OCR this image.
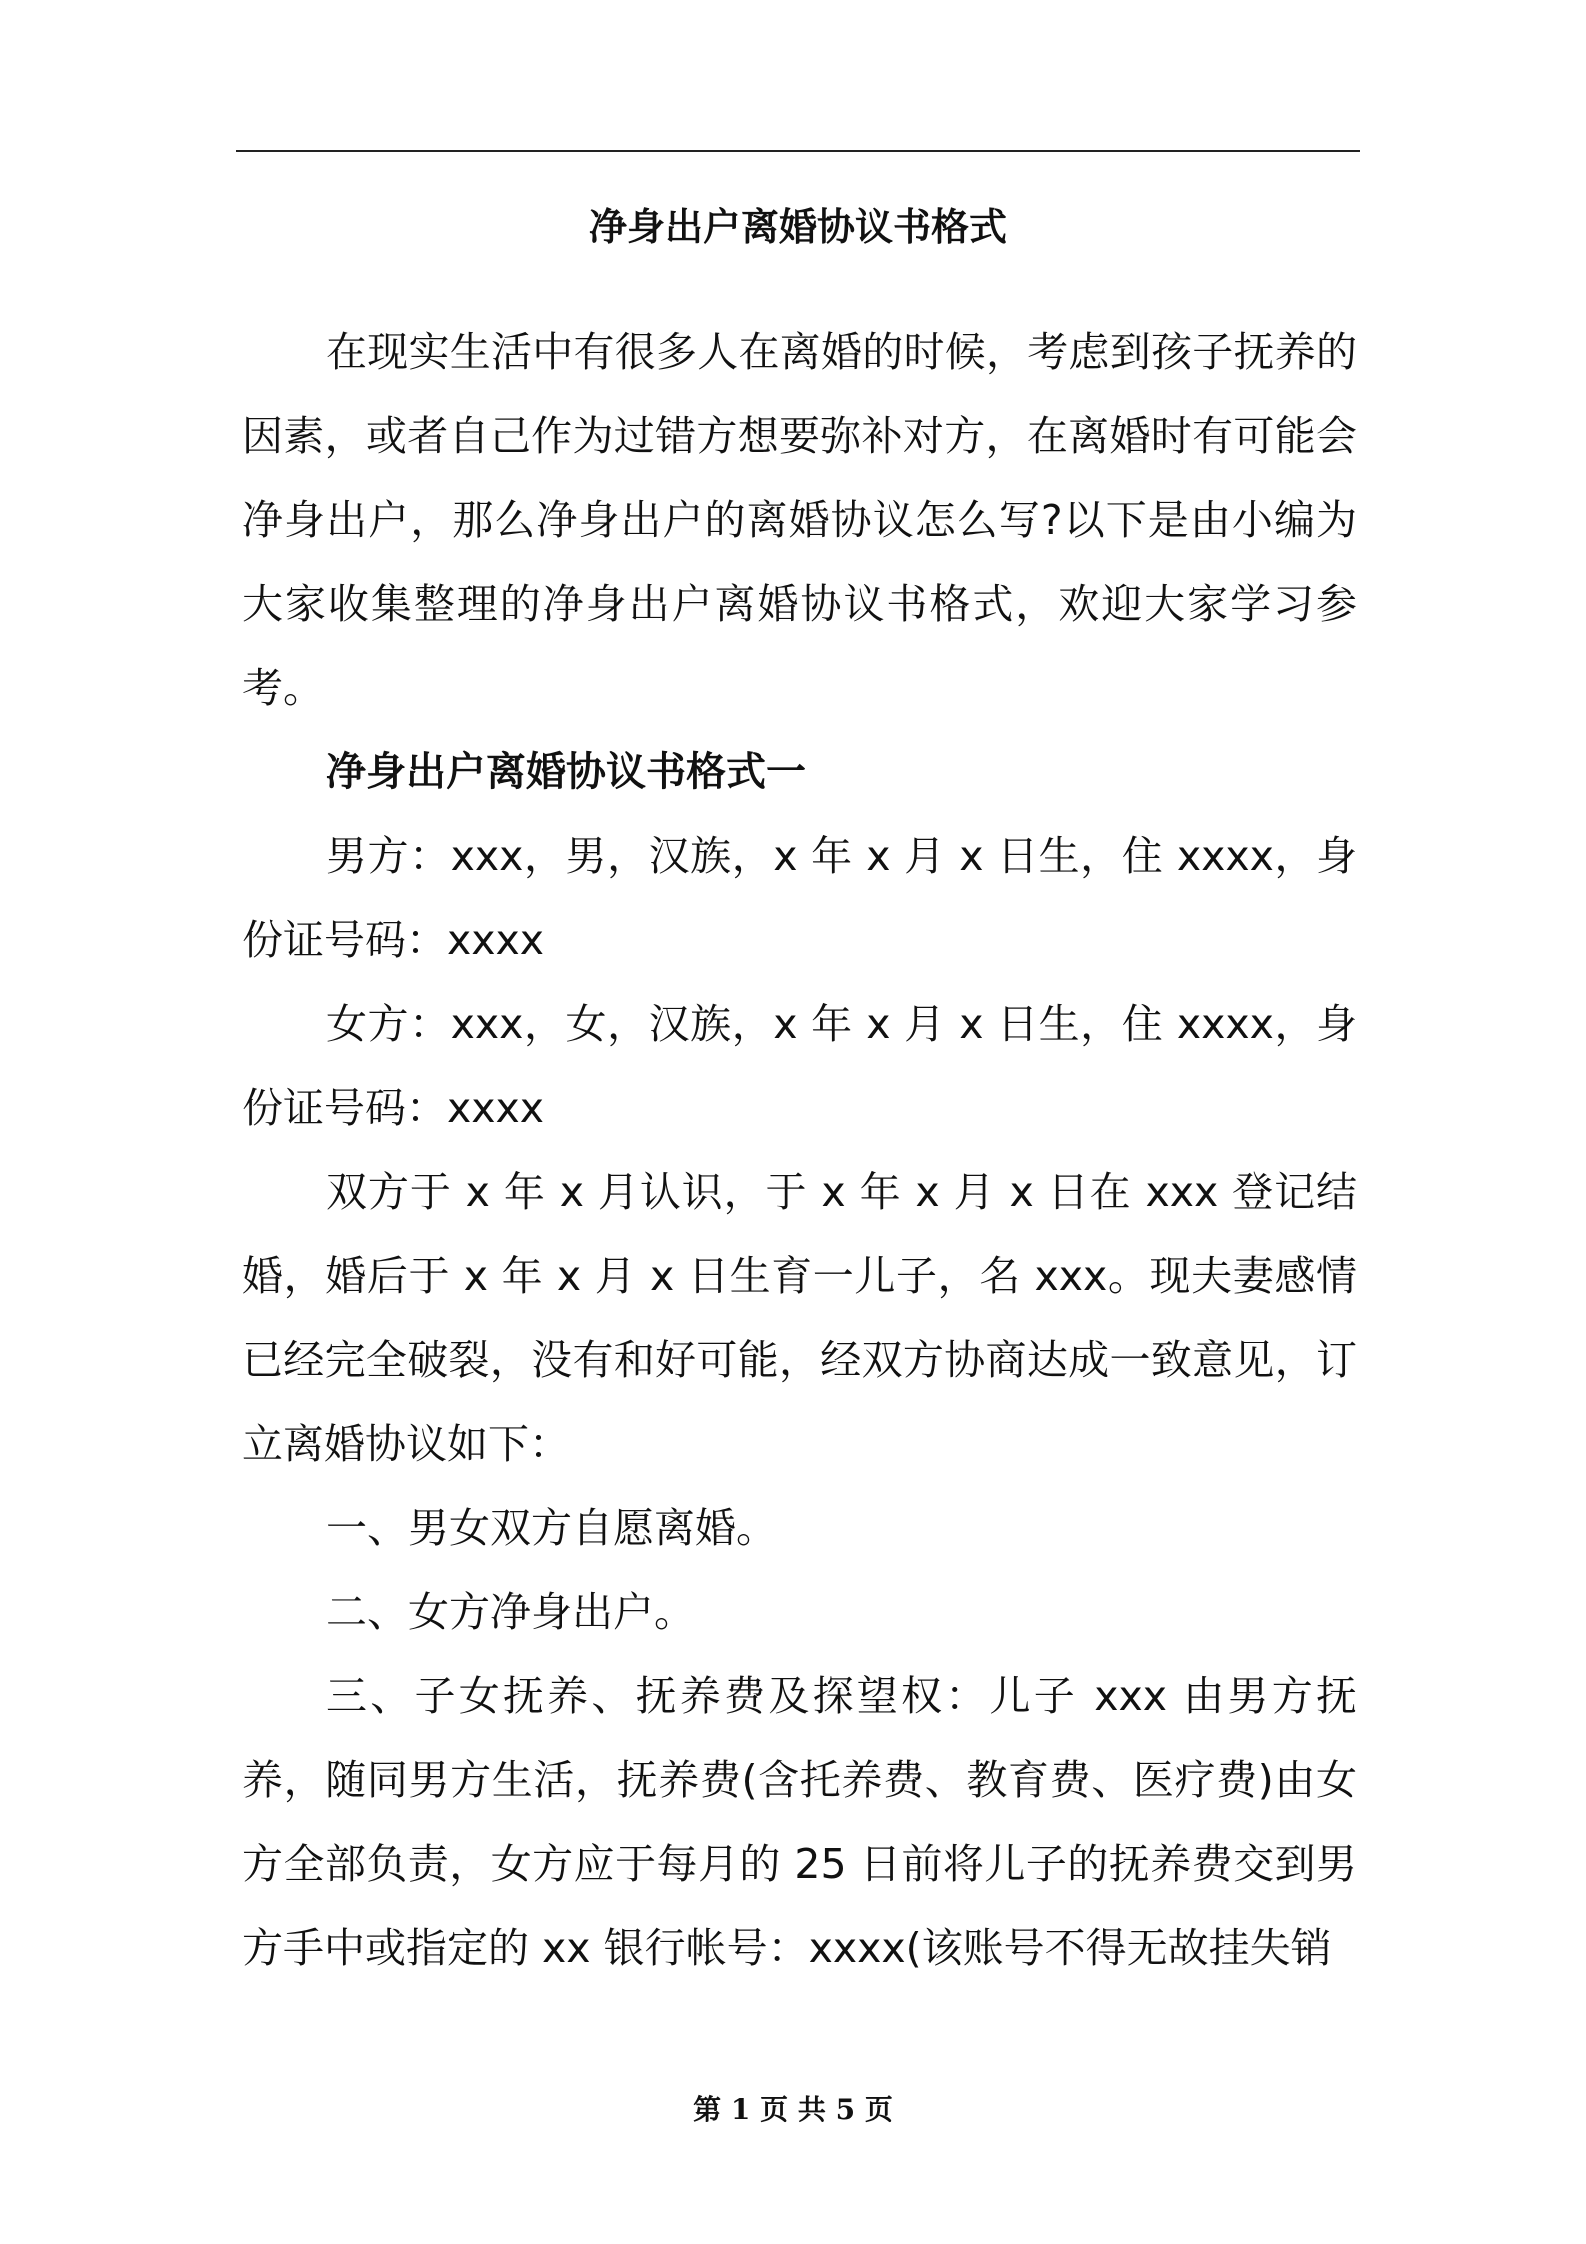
净身出户离婚协议书格式

在现实生活中有很多人在离婚的时候，考虑到孩子抚养的因素，或者自己作为过错方想要弥补对方，在离婚时有可能会净身出户，那么净身出户的离婚协议怎么写?以下是由小编为大家收集整理的净身出户离婚协议书格式，欢迎大家学习参考。

净身出户离婚协议书格式一

男方：xxx，男，汉族，x 年 x 月 x 日生，住 xxxx，身份证号码：xxxx

女方：xxx，女，汉族，x 年 x 月 x 日生，住 xxxx，身份证号码：xxxx

双方于 x 年 x 月认识，于 x 年 x 月 x 日在 xxx 登记结婚，婚后于 x 年 x 月 x 日生育一儿子，名 xxx。现夫妻感情已经完全破裂，没有和好可能，经双方协商达成一致意见，订立离婚协议如下：

一、男女双方自愿离婚。

二、女方净身出户。

三、子女抚养、抚养费及探望权：儿子 xxx 由男方抚养，随同男方生活，抚养费(含托养费、教育费、医疗费)由女方全部负责，女方应于每月的 25 日前将儿子的抚养费交到男方手中或指定的 xx 银行帐号：xxxx(该账号不得无故挂失销

第 1 页 共 5 页
